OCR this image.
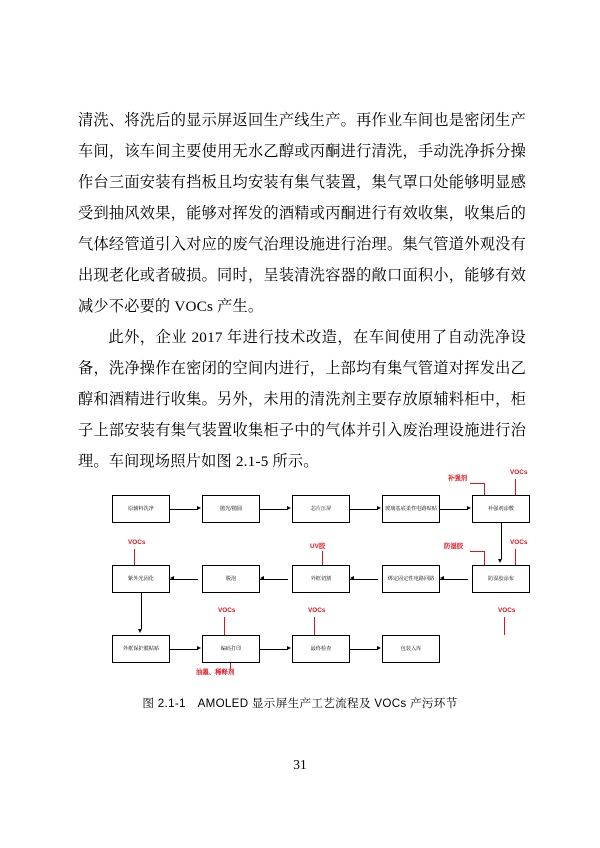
清洗、将洗后的显示屏返回生产线生产。再作业车间也是密闭生产车间，该车间主要使用无水乙醇或丙酮进行清洗，手动洗净拆分操作台三面安装有挡板且均安装有集气装置，集气罩口处能够明显感受到抽风效果，能够对挥发的酒精或丙酮进行有效收集，收集后的气体经管道引入对应的废气治理设施进行治理。集气管道外观没有出现老化或者破损。同时，呈装清洗容器的敞口面积小，能够有效减少不必要的 VOCs 产生。

此外，企业 2017 年进行技术改造，在车间使用了自动洗净设备，洗净操作在密闭的空间内进行，上部均有集气管道对挥发出乙醇和酒精进行收集。另外，未用的清洗剂主要存放原辅料柜中，柜子上部安装有集气装置收集柜子中的气体并引入废治理设施进行治理。车间现场照片如图 2.1-5 所示。

原辅料洗净	抛光/抛圆	芯片压屏	玻璃基底柔性电路贴贴	补强剂涂敷
紫外光固化	脱泡	外框切割	绑定固定性电路回路	防湿胶涂布
外框保护膜粘贴	编码打印	最终检查	包装入库
VOCs
VOCs	VOCs
VOCs	VOCs	VOCs
补强剂
UV胶	防湿胶
油墨、稀释剂
图 2.1-1　AMOLED 显示屏生产工艺流程及 VOCs 产污环节
31
